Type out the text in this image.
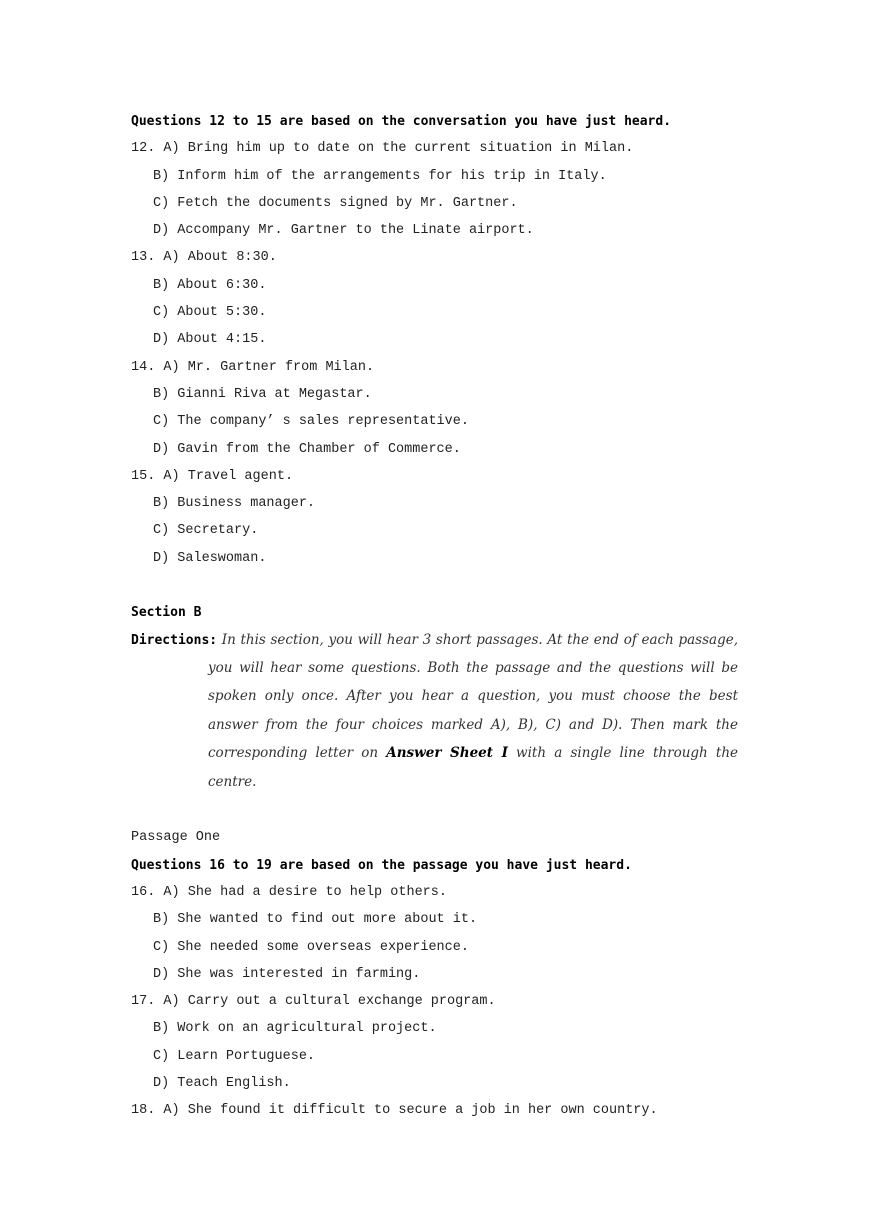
Questions 12 to 15 are based on the conversation you have just heard.
12. A) Bring him up to date on the current situation in Milan.
B) Inform him of the arrangements for his trip in Italy.
C) Fetch the documents signed by Mr. Gartner.
D) Accompany Mr. Gartner to the Linate airport.
13. A) About 8:30.
B) About 6:30.
C) About 5:30.
D) About 4:15.
14. A) Mr. Gartner from Milan.
B) Gianni Riva at Megastar.
C) The company’ s sales representative.
D) Gavin from the Chamber of Commerce.
15. A) Travel agent.
B) Business manager.
C) Secretary.
D) Saleswoman.
Section B
Directions: In this section, you will hear 3 short passages. At the end of each passage, you will hear some questions. Both the passage and the questions will be spoken only once. After you hear a question, you must choose the best answer from the four choices marked A), B), C) and D). Then mark the corresponding letter on Answer Sheet I with a single line through the centre.
Passage One
Questions 16 to 19 are based on the passage you have just heard.
16. A) She had a desire to help others.
B) She wanted to find out more about it.
C) She needed some overseas experience.
D) She was interested in farming.
17. A) Carry out a cultural exchange program.
B) Work on an agricultural project.
C) Learn Portuguese.
D) Teach English.
18. A) She found it difficult to secure a job in her own country.
